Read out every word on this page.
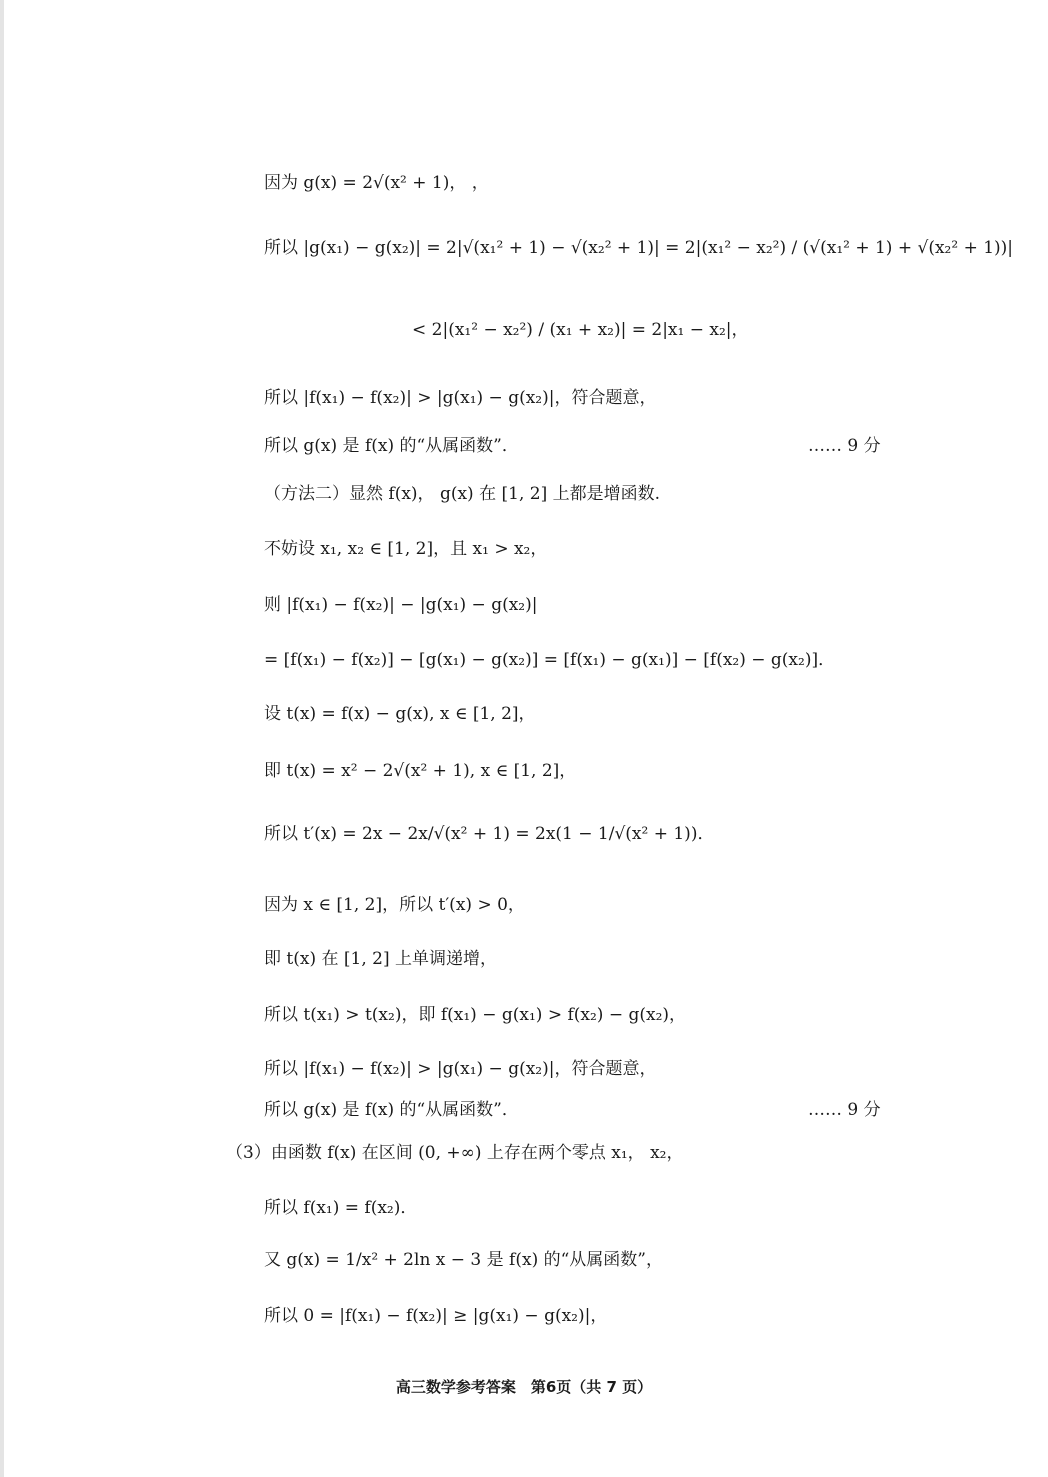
因为 g(x) = 2√(x² + 1)， ，
所以 |g(x₁) − g(x₂)| = 2|√(x₁² + 1) − √(x₂² + 1)| = 2|(x₁² − x₂²) / (√(x₁² + 1) + √(x₂² + 1))|
< 2|(x₁² − x₂²) / (x₁ + x₂)| = 2|x₁ − x₂|，
所以 |f(x₁) − f(x₂)| > |g(x₁) − g(x₂)|，符合题意，
所以 g(x) 是 f(x) 的“从属函数”．	…… 9 分
（方法二）显然 f(x)， g(x) 在 [1, 2] 上都是增函数.
不妨设 x₁, x₂ ∈ [1, 2]，且 x₁ > x₂，
则 |f(x₁) − f(x₂)| − |g(x₁) − g(x₂)|
= [f(x₁) − f(x₂)] − [g(x₁) − g(x₂)] = [f(x₁) − g(x₁)] − [f(x₂) − g(x₂)]．
设 t(x) = f(x) − g(x), x ∈ [1, 2]，
即 t(x) = x² − 2√(x² + 1), x ∈ [1, 2]，
所以 t′(x) = 2x − 2x/√(x² + 1) = 2x(1 − 1/√(x² + 1))．
因为 x ∈ [1, 2]，所以 t′(x) > 0，
即 t(x) 在 [1, 2] 上单调递增，
所以 t(x₁) > t(x₂)，即 f(x₁) − g(x₁) > f(x₂) − g(x₂)，
所以 |f(x₁) − f(x₂)| > |g(x₁) − g(x₂)|，符合题意，
所以 g(x) 是 f(x) 的“从属函数”．	…… 9 分
（3）由函数 f(x) 在区间 (0, +∞) 上存在两个零点 x₁， x₂，
所以 f(x₁) = f(x₂)．
又 g(x) = 1/x² + 2ln x − 3 是 f(x) 的“从属函数”，
所以 0 = |f(x₁) − f(x₂)| ≥ |g(x₁) − g(x₂)|，
高三数学参考答案　第6页（共 7 页）
